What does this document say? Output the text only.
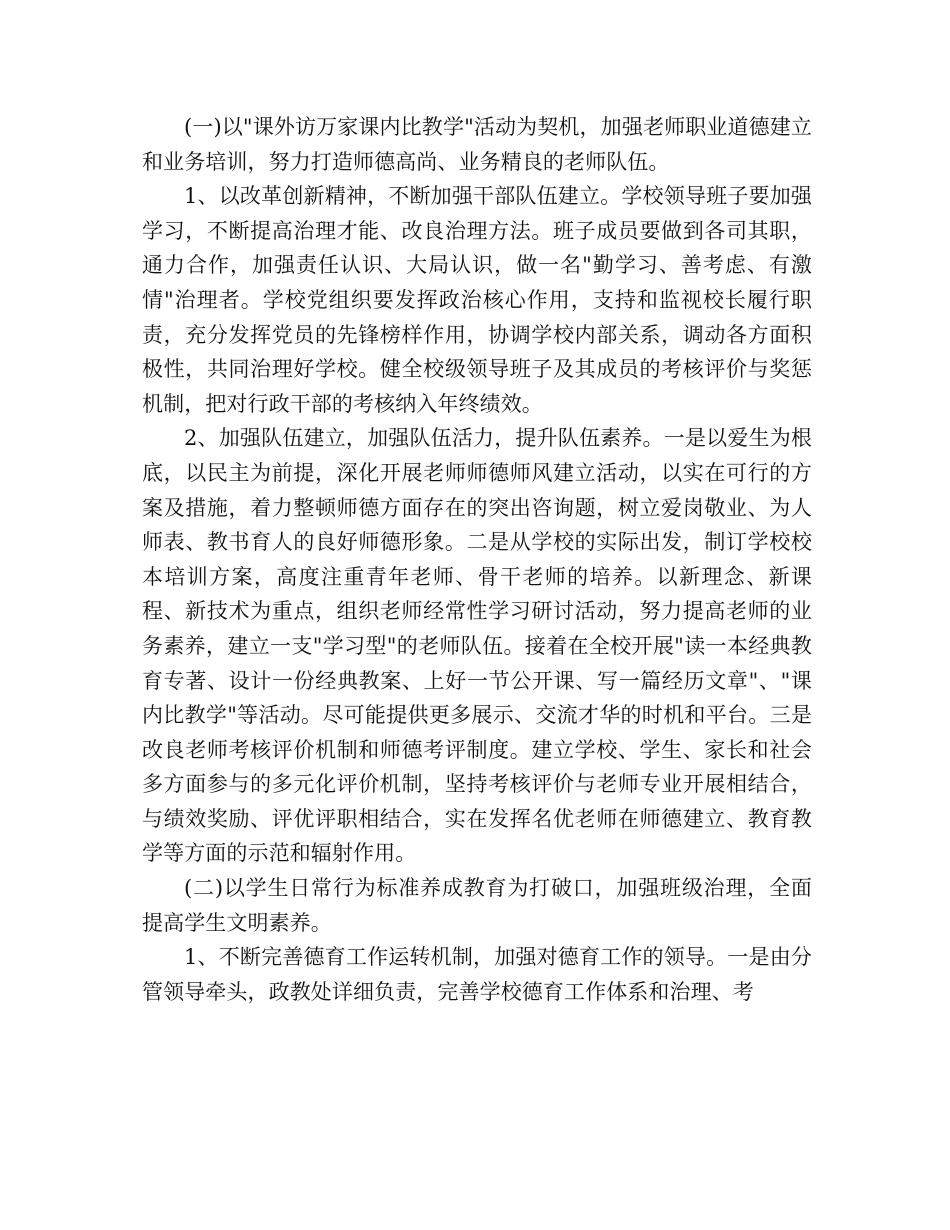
(一)以"课外访万家课内比教学"活动为契机，加强老师职业道德建立和业务培训，努力打造师德高尚、业务精良的老师队伍。

1、以改革创新精神，不断加强干部队伍建立。学校领导班子要加强学习，不断提高治理才能、改良治理方法。班子成员要做到各司其职，通力合作，加强责任认识、大局认识，做一名"勤学习、善考虑、有激情"治理者。学校党组织要发挥政治核心作用，支持和监视校长履行职责，充分发挥党员的先锋榜样作用，协调学校内部关系，调动各方面积极性，共同治理好学校。健全校级领导班子及其成员的考核评价与奖惩机制，把对行政干部的考核纳入年终绩效。

2、加强队伍建立，加强队伍活力，提升队伍素养。一是以爱生为根底，以民主为前提，深化开展老师师德师风建立活动，以实在可行的方案及措施，着力整顿师德方面存在的突出咨询题，树立爱岗敬业、为人师表、教书育人的良好师德形象。二是从学校的实际出发，制订学校校本培训方案，高度注重青年老师、骨干老师的培养。以新理念、新课程、新技术为重点，组织老师经常性学习研讨活动，努力提高老师的业务素养，建立一支"学习型"的老师队伍。接着在全校开展"读一本经典教育专著、设计一份经典教案、上好一节公开课、写一篇经历文章"、"课内比教学"等活动。尽可能提供更多展示、交流才华的时机和平台。三是改良老师考核评价机制和师德考评制度。建立学校、学生、家长和社会多方面参与的多元化评价机制，坚持考核评价与老师专业开展相结合，与绩效奖励、评优评职相结合，实在发挥名优老师在师德建立、教育教学等方面的示范和辐射作用。

(二)以学生日常行为标准养成教育为打破口，加强班级治理，全面提高学生文明素养。

1、不断完善德育工作运转机制，加强对德育工作的领导。一是由分管领导牵头，政教处详细负责，完善学校德育工作体系和治理、考
